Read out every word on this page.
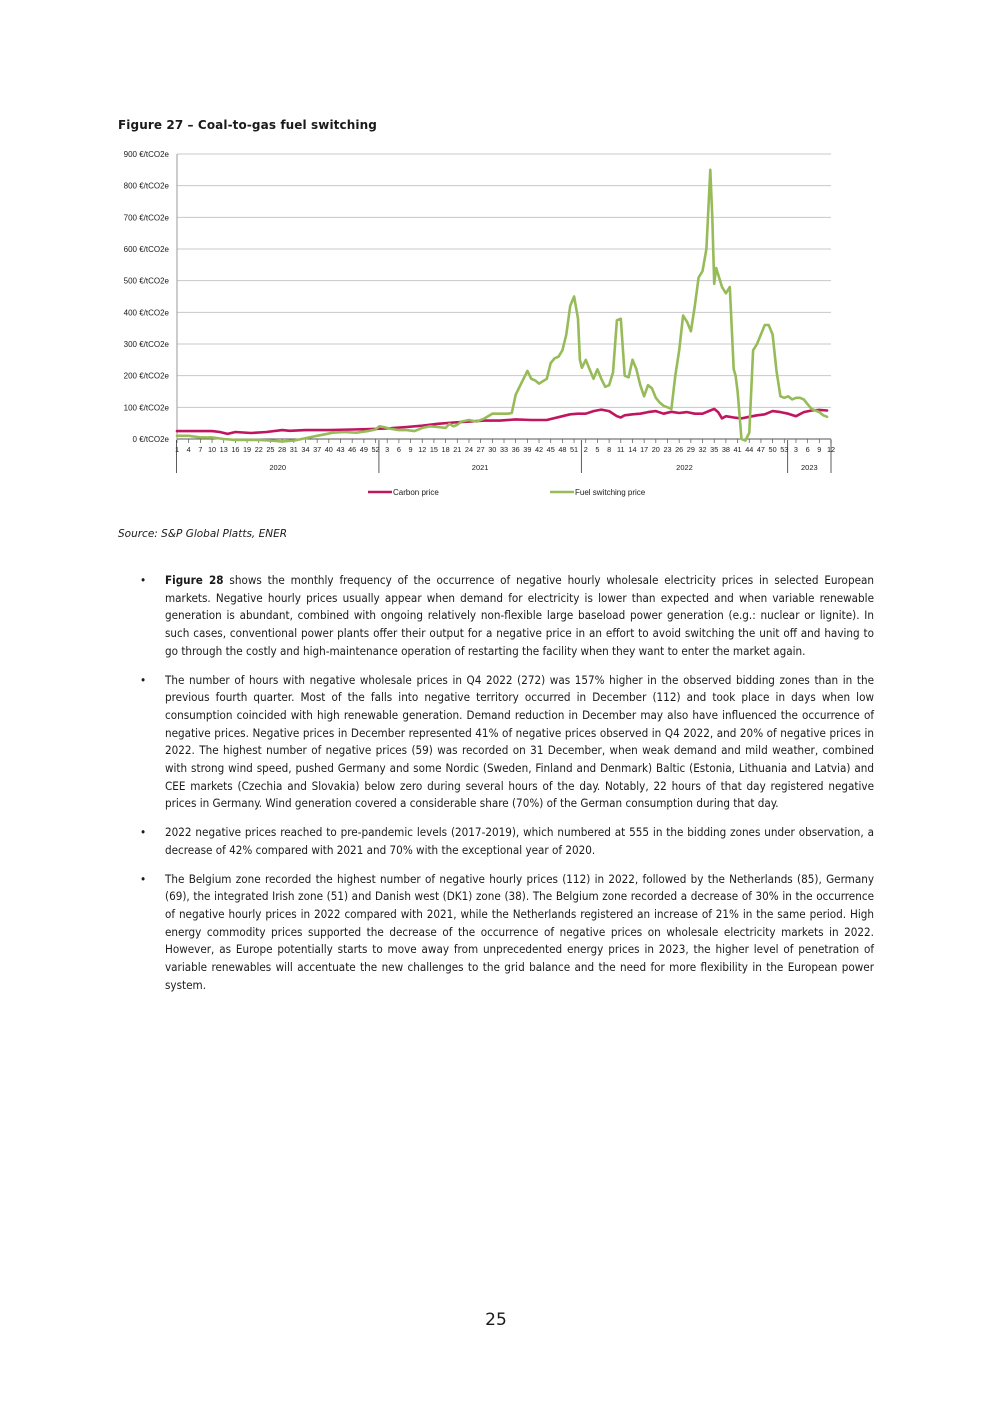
Figure 27 – Coal-to-gas fuel switching
0 €/tCO2e
100 €/tCO2e
200 €/tCO2e
300 €/tCO2e
400 €/tCO2e
500 €/tCO2e
600 €/tCO2e
700 €/tCO2e
800 €/tCO2e
900 €/tCO2e
1 4 7 10 13 16 19 22 25 28 31 34 37 40 43 46 49 52 3 6 9 12 15 18 21 24 27 30 33 36 39 42 45 48 51 2 5 8 11 14 17 20 23 26 29 32 35 38 41 44 47 50 53 3 6 9 12
2020	2021	2022	2023
Carbon price	Fuel switching price
Source: S&P Global Platts, ENER
• Figure 28 shows the monthly frequency of the occurrence of negative hourly wholesale electricity prices in selected European markets. Negative hourly prices usually appear when demand for electricity is lower than expected and when variable renewable generation is abundant, combined with ongoing relatively non-flexible large baseload power generation (e.g.: nuclear or lignite). In such cases, conventional power plants offer their output for a negative price in an effort to avoid switching the unit off and having to go through the costly and high-maintenance operation of restarting the facility when they want to enter the market again.
• The number of hours with negative wholesale prices in Q4 2022 (272) was 157% higher in the observed bidding zones than in the previous fourth quarter. Most of the falls into negative territory occurred in December (112) and took place in days when low consumption coincided with high renewable generation. Demand reduction in December may also have influenced the occurrence of negative prices. Negative prices in December represented 41% of negative prices observed in Q4 2022, and 20% of negative prices in 2022. The highest number of negative prices (59) was recorded on 31 December, when weak demand and mild weather, combined with strong wind speed, pushed Germany and some Nordic (Sweden, Finland and Denmark) Baltic (Estonia, Lithuania and Latvia) and CEE markets (Czechia and Slovakia) below zero during several hours of the day. Notably, 22 hours of that day registered negative prices in Germany. Wind generation covered a considerable share (70%) of the German consumption during that day.
• 2022 negative prices reached to pre-pandemic levels (2017-2019), which numbered at 555 in the bidding zones under observation, a decrease of 42% compared with 2021 and 70% with the exceptional year of 2020.
• The Belgium zone recorded the highest number of negative hourly prices (112) in 2022, followed by the Netherlands (85), Germany (69), the integrated Irish zone (51) and Danish west (DK1) zone (38). The Belgium zone recorded a decrease of 30% in the occurrence of negative hourly prices in 2022 compared with 2021, while the Netherlands registered an increase of 21% in the same period. High energy commodity prices supported the decrease of the occurrence of negative prices on wholesale electricity markets in 2022. However, as Europe potentially starts to move away from unprecedented energy prices in 2023, the higher level of penetration of variable renewables will accentuate the new challenges to the grid balance and the need for more flexibility in the European power system.
25
